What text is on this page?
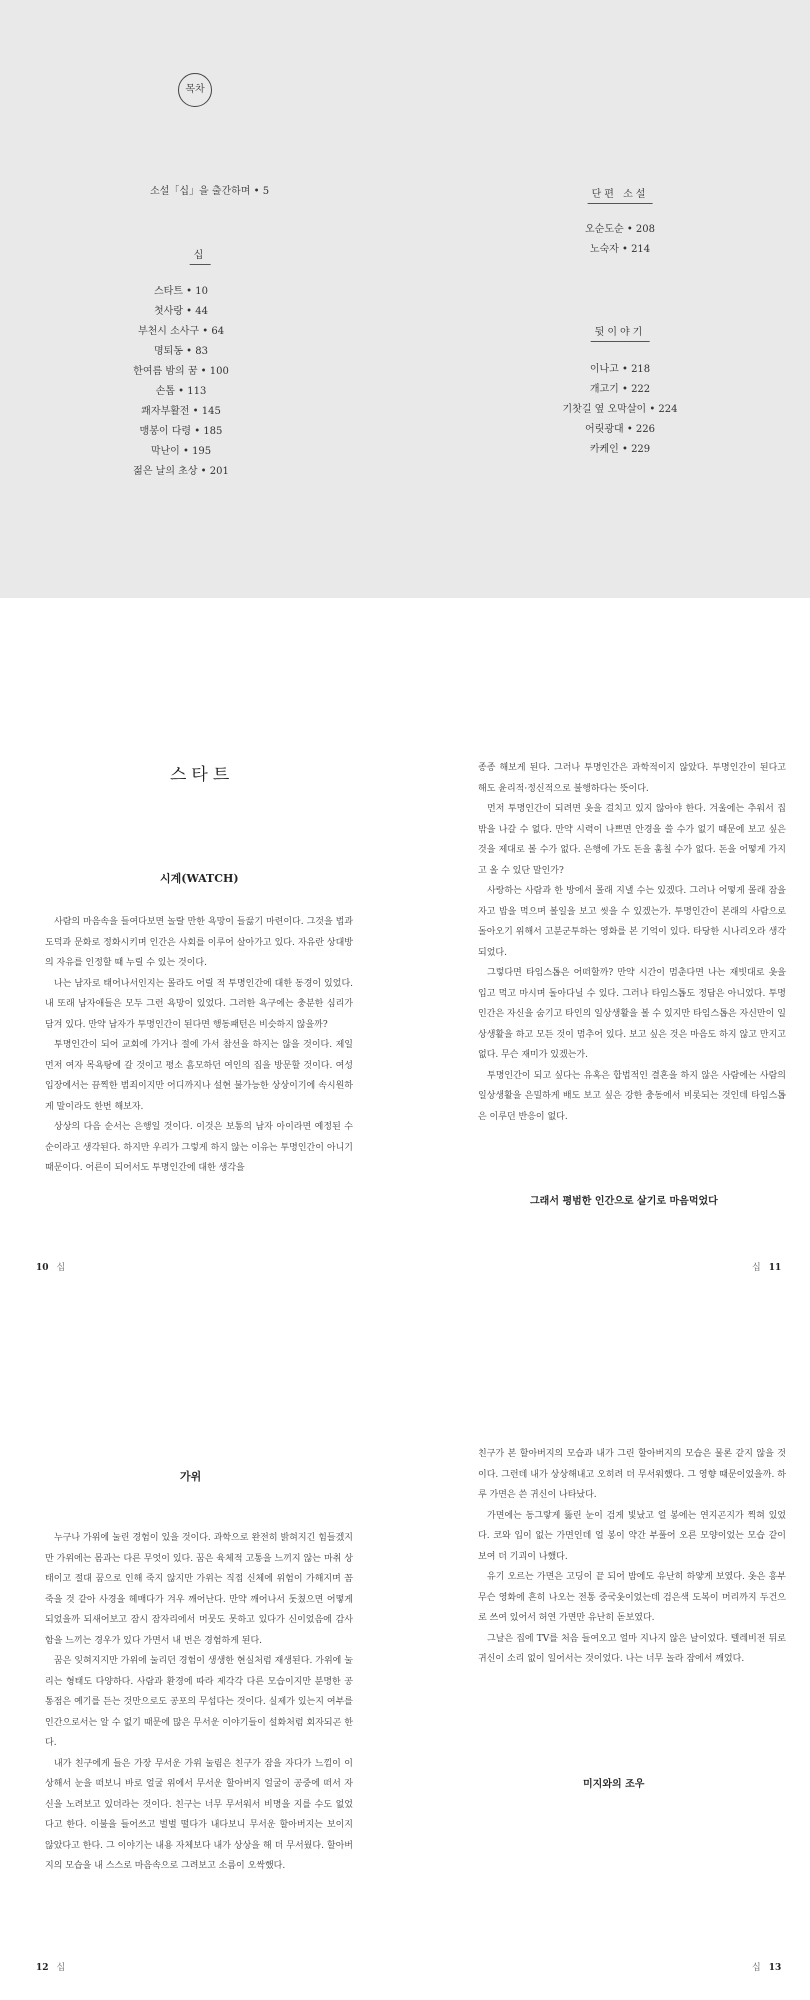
목차
소설「십」을 출간하며 • 5
십
스타트 • 10
첫사랑 • 44
부천시 소사구 • 64
명퇴동 • 83
한여름 밤의 꿈 • 100
손톱 • 113
쾌자부활전 • 145
맹봉이 다령 • 185
막난이 • 195
젊은 날의 초상 • 201
단편 소설
오순도순 • 208
노숙자 • 214
뒷이야기
이나고 • 218
개고기 • 222
기찻길 옆 오막살이 • 224
어릿광대 • 226
카케인 • 229
스타트
시계(WATCH)

사람의 마음속을 들여다보면 놀랄 만한 욕망이 들끓기 마련이다. 그것을 법과 도덕과 문화로 정화시키며 인간은 사회를 이루어 살아가고 있다. 자유란 상대방의 자유를 인정할 때 누릴 수 있는 것이다.

나는 남자로 태어나서인지는 몰라도 어릴 적 투명인간에 대한 동경이 있었다. 내 또래 남자애들은 모두 그런 욕망이 있었다. 그러한 욕구에는 충분한 심리가 담겨 있다. 만약 남자가 투명인간이 된다면 행동패턴은 비슷하지 않을까?

투명인간이 되어 교회에 가거나 절에 가서 참선을 하지는 않을 것이다. 제일 먼저 여자 목욕탕에 갈 것이고 평소 흠모하던 여인의 집을 방문할 것이다. 여성 입장에서는 끔찍한 범죄이지만 어디까지나 설현 불가능한 상상이기에 속시원하게 말이라도 한번 해보자.

상상의 다음 순서는 은행일 것이다. 이것은 보통의 남자 아이라면 예정된 수순이라고 생각된다. 하지만 우리가 그렇게 하지 않는 이유는 투명인간이 아니기 때문이다. 어른이 되어서도 투명인간에 대한 생각을

종종 해보게 된다. 그러나 투명인간은 과학적이지 않았다. 투명인간이 된다고 해도 윤리적·정신적으로 불행하다는 뜻이다.

먼저 투명인간이 되려면 옷을 걸치고 있지 않아야 한다. 겨울에는 추워서 집 밖을 나갈 수 없다. 만약 시력이 나쁘면 안경을 쓸 수가 없기 때문에 보고 싶은 것을 제대로 볼 수가 없다. 은행에 가도 돈을 훔칠 수가 없다. 돈을 어떻게 가지고 올 수 있단 말인가?

사랑하는 사람과 한 방에서 몰래 지낼 수는 있겠다. 그러나 어떻게 몰래 잠을 자고 밥을 먹으며 볼일을 보고 씻을 수 있겠는가. 투명인간이 본래의 사람으로 돌아오기 위해서 고분군투하는 영화를 본 기억이 있다. 타당한 시나리오라 생각되었다.

그렇다면 타임스톱은 어떠할까? 만약 시간이 멈춘다면 나는 재빗대로 옷을 입고 먹고 마시며 돌아다닐 수 있다. 그러나 타임스톱도 정답은 아니었다. 투명인간은 자신을 숨기고 타인의 일상생활을 볼 수 있지만 타임스톱은 자신만이 일상생활을 하고 모든 것이 멈추어 있다. 보고 싶은 것은 마음도 하지 않고 만지고 없다. 무슨 재미가 있겠는가.

투명인간이 되고 싶다는 유혹은 합법적인 결혼을 하지 않은 사람에는 사람의 일상생활을 은밀하게 배도 보고 싶은 강한 충동에서 비롯되는 것인데 타임스톱은 이루던 반응이 없다.

그래서 평범한 인간으로 살기로 마음먹었다
10 십	십 11
가위

누구나 가위에 눌린 경험이 있을 것이다. 과학으로 완전히 밝혀지긴 힘들겠지만 가위에는 몸과는 다른 무엇이 있다. 꿈은 육체적 고통을 느끼지 않는 마취 상태이고 절대 꿈으로 인해 죽지 않지만 가위는 직접 신체에 위험이 가해지며 꼼 죽을 것 같아 사경을 헤매다가 겨우 깨어난다. 만약 깨어나서 돗쳤으면 어떻게 되었을까 되새어보고 잠시 잠자리에서 머뭇도 못하고 있다가 신이었음에 감사함을 느끼는 경우가 있다 가면서 내 번은 경험하게 된다.

꿈은 잊혀지지만 가위에 눌리던 경험이 생생한 현실처럼 재생된다. 가위에 눌리는 형태도 다양하다. 사람과 환경에 따라 제각각 다른 모습이지만 분명한 공통점은 예기를 든는 것만으로도 공포의 무섭다는 것이다. 실제가 있는지 여부를 인간으로서는 알 수 없기 때문에 많은 무서운 이야기들이 설화처럼 회자되곤 한다.

내가 친구에게 들은 가장 무서운 가위 눌림은 친구가 잠을 자다가 느낌이 이상해서 눈을 떠보니 바로 얼굴 위에서 무서운 할아버지 얼굴이 공중에 떠서 자신을 노려보고 있더라는 것이다. 친구는 너무 무서워서 비명을 지를 수도 없었다고 한다. 이불을 들어쓰고 벌벌 떨다가 내다보니 무서운 할아버지는 보이지 않았다고 한다. 그 이야기는 내용 자체보다 내가 상상을 해 더 무서웠다. 할아버지의 모습을 내 스스로 마음속으로 그려보고 소름이 오싹했다.

친구가 본 할아버지의 모습과 내가 그린 할아버지의 모습은 물론 같지 않을 것이다. 그런데 내가 상상해내고 오히려 더 무서워했다. 그 영향 때문이었을까. 하루 가면은 쓴 귀신이 나타났다.

가면에는 동그랗게 뚫린 눈이 검게 빛났고 얼 봉에는 연지곤지가 찍혀 있었다. 코와 입이 없는 가면인데 얼 봉이 약간 부풀어 오른 모양이었는 모습 같이 보여 더 기괴이 나했다.

유기 오르는 가면은 고딩이 끝 되어 밤에도 유난히 하얗게 보였다. 옷은 흥부 무슨 영화에 흔히 나오는 전통 중국옷이었는데 검은색 도복이 머리까지 두건으로 쓰여 있어서 허연 가면만 유난히 돋보였다.

그날은 집에 TV를 처음 들여오고 얼마 지나지 않은 날이었다. 텔레비전 뒤로 귀신이 소리 없이 일어서는 것이었다. 나는 너무 놀라 잠에서 깨었다.

미지와의 조우
12 십	십 13
